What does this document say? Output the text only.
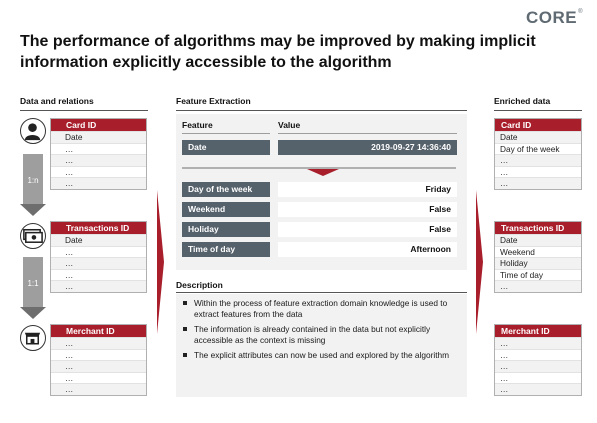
CORE®
The performance of algorithms may be improved by making implicit information explicitly accessible to the algorithm
Data and relations	Feature Extraction	Enriched data
1:n
1:1
Card ID
Date
…
…
…
…
Transactions ID
Date
…
…
…
…
Merchant ID
…
…
…
…
…
Feature	Value
Date	2019-09-27 14:36:40
Day of the week	Friday
Weekend	False
Holiday	False
Time of day	Afternoon
Description
Within the process of feature extraction domain knowledge is used to extract features from the data
The information is already contained in the data but not explicitly accessible as the context is missing
The explicit attributes can now be used and explored by the algorithm
Card ID
Date
Day of the week
…
…
…
Transactions ID
Date
Weekend
Holiday
Time of day
…
Merchant ID
…
…
…
…
…
